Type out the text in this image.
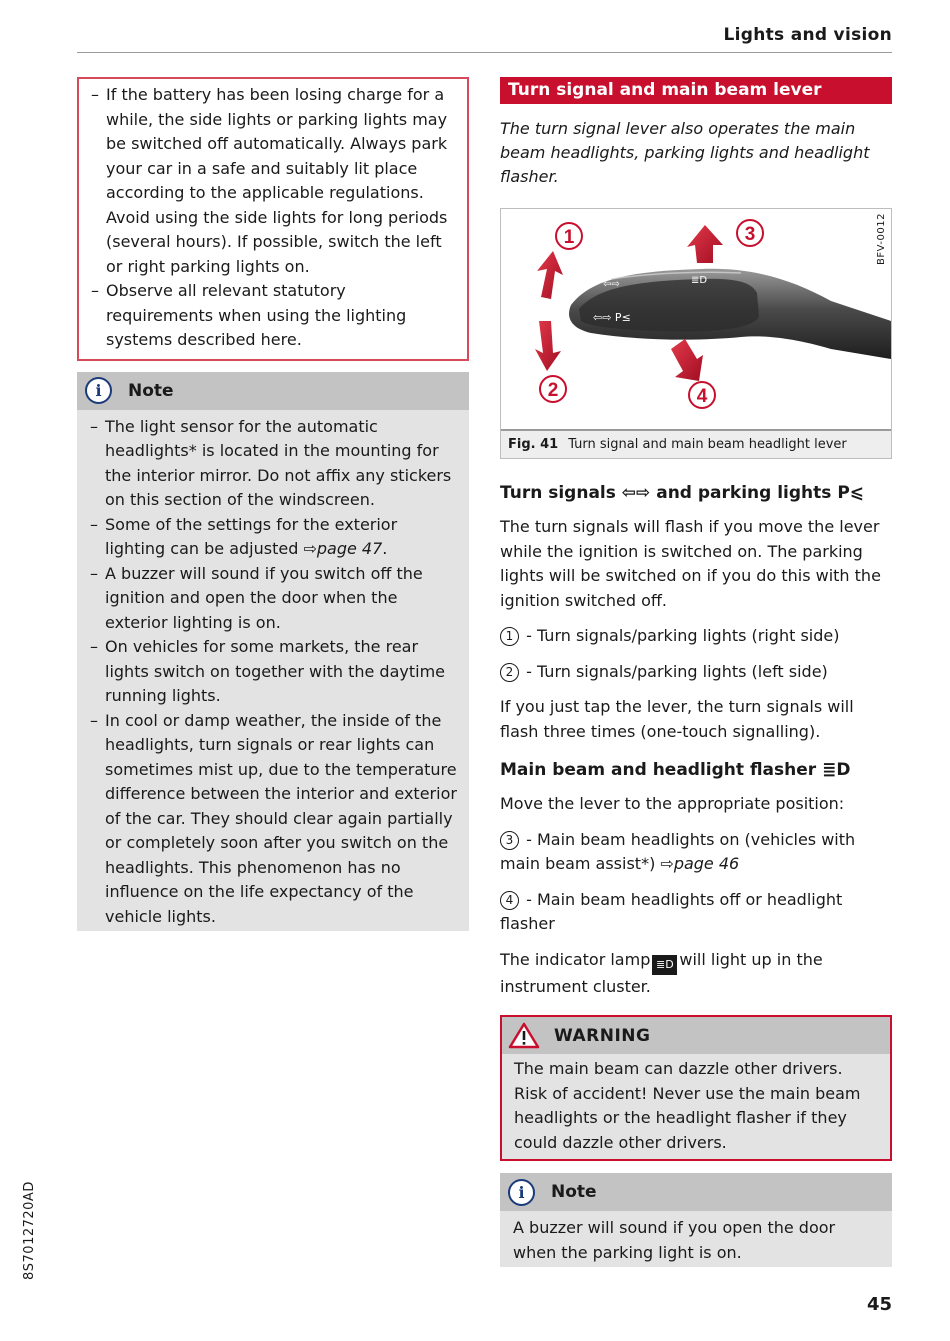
Lights and vision
8S7012720AD
45
– If the battery has been losing charge for a while, the side lights or parking lights may be switched off automatically. Always park your car in a safe and suitably lit place according to the applicable regulations. Avoid using the side lights for long periods (several hours). If possible, switch the left or right parking lights on.
– Observe all relevant statutory requirements when using the lighting systems described here.
i	Note
– The light sensor for the automatic headlights* is located in the mounting for the interior mirror. Do not affix any stickers on this section of the windscreen.
– Some of the settings for the exterior lighting can be adjusted ⇨page 47.
– A buzzer will sound if you switch off the ignition and open the door when the exterior lighting is on.
– On vehicles for some markets, the rear lights switch on together with the daytime running lights.
– In cool or damp weather, the inside of the headlights, turn signals or rear lights can sometimes mist up, due to the temperature difference between the interior and exterior of the car. They should clear again partially or completely soon after you switch on the headlights. This phenomenon has no influence on the life expectancy of the vehicle lights.
Turn signal and main beam lever
The turn signal lever also operates the main beam headlights, parking lights and headlight flasher.
1
2
3
4
⇦⇨	≣D
⇦⇨ P≤
BFV-0012
Fig. 41 Turn signal and main beam headlight lever
Turn signals ⇦⇨ and parking lights P⩽

The turn signals will flash if you move the lever while the ignition is switched on. The parking lights will be switched on if you do this with the ignition switched off.

1 - Turn signals/parking lights (right side)
2 - Turn signals/parking lights (left side)

If you just tap the lever, the turn signals will flash three times (one-touch signalling).

Main beam and headlight flasher ≣D

Move the lever to the appropriate position:

3 - Main beam headlights on (vehicles with main beam assist*) ⇨page 46
4 - Main beam headlights off or headlight flasher

The indicator lamp ≣D will light up in the instrument cluster.

WARNING
The main beam can dazzle other drivers. Risk of accident! Never use the main beam headlights or the headlight flasher if they could dazzle other drivers.
i	Note
A buzzer will sound if you open the door when the parking light is on.
